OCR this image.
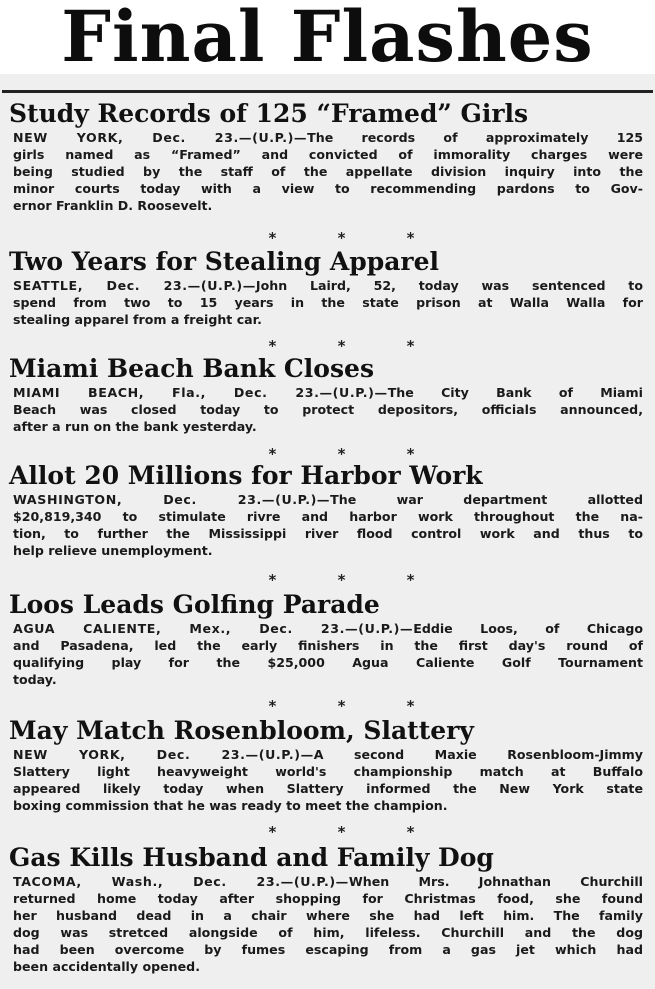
Final Flashes
Study Records of 125 “Framed” Girls
NEW YORK, Dec. 23.—(U.P.)—The records of approximately 125
girls named as “Framed” and convicted of immorality charges were
being studied by the staff of the appellate division inquiry into the
minor courts today with a view to recommending pardons to Gov-
ernor Franklin D. Roosevelt.
* * *
Two Years for Stealing Apparel
SEATTLE, Dec. 23.—(U.P.)—John Laird, 52, today was sentenced to
spend from two to 15 years in the state prison at Walla Walla for
stealing apparel from a freight car.
* * *
Miami Beach Bank Closes
MIAMI BEACH, Fla., Dec. 23.—(U.P.)—The City Bank of Miami
Beach was closed today to protect depositors, officials announced,
after a run on the bank yesterday.
* * *
Allot 20 Millions for Harbor Work
WASHINGTON, Dec. 23.—(U.P.)—The war department allotted
$20,819,340 to stimulate rivre and harbor work throughout the na-
tion, to further the Mississippi river flood control work and thus to
help relieve unemployment.
* * *
Loos Leads Golfing Parade
AGUA CALIENTE, Mex., Dec. 23.—(U.P.)—Eddie Loos, of Chicago
and Pasadena, led the early finishers in the first day's round of
qualifying play for the $25,000 Agua Caliente Golf Tournament
today.
* * *
May Match Rosenbloom, Slattery
NEW YORK, Dec. 23.—(U.P.)—A second Maxie Rosenbloom-Jimmy
Slattery light heavyweight world's championship match at Buffalo
appeared likely today when Slattery informed the New York state
boxing commission that he was ready to meet the champion.
* * *
Gas Kills Husband and Family Dog
TACOMA, Wash., Dec. 23.—(U.P.)—When Mrs. Johnathan Churchill
returned home today after shopping for Christmas food, she found
her husband dead in a chair where she had left him. The family
dog was stretced alongside of him, lifeless. Churchill and the dog
had been overcome by fumes escaping from a gas jet which had
been accidentally opened.
